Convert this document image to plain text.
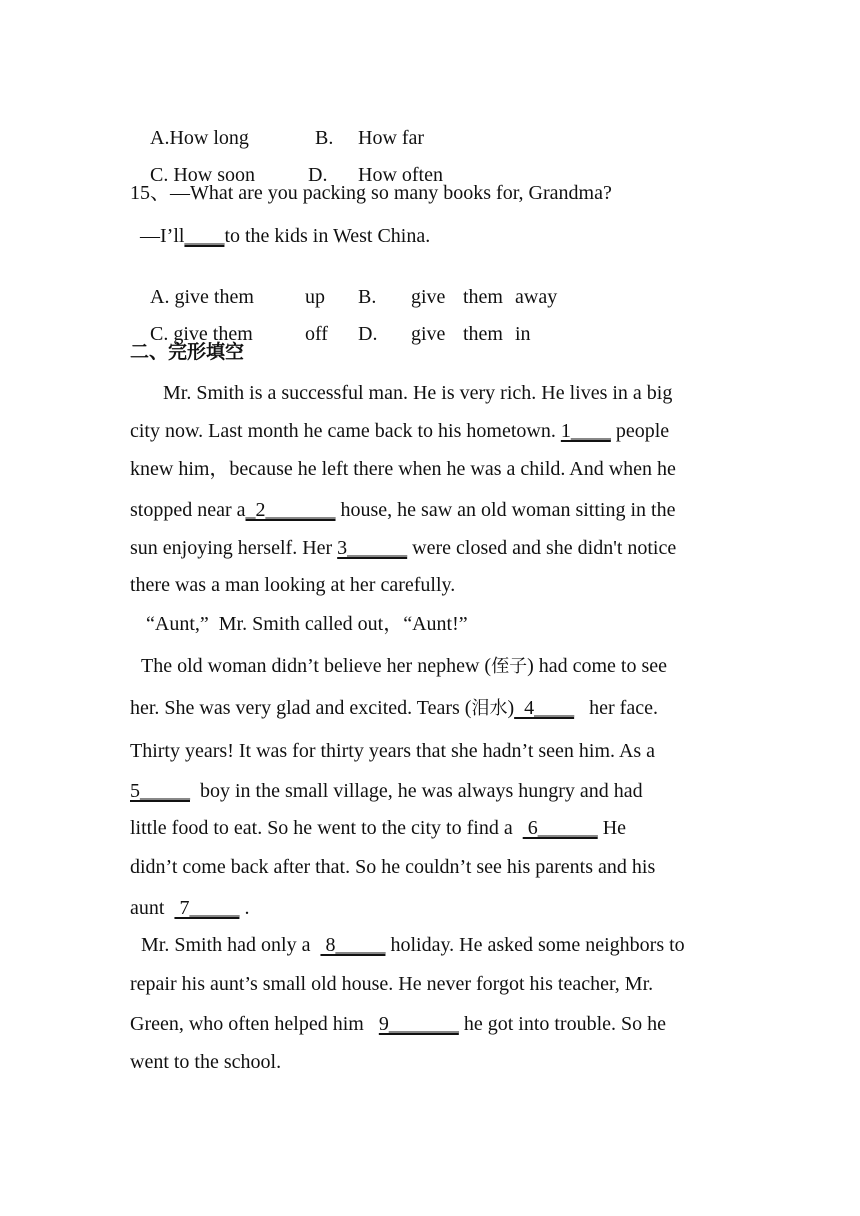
A.How long	B. How far

C. How soon	D. How often

15、—What are you packing so many books for, Grandma?
—I’ll____to the kids in West China.

A. give them	up B. give them away

C. give them	off D. give them in

二、完形填空
Mr. Smith is a successful man. He is very rich. He lives in a big
city now. Last month he came back to his hometown. 1____ people
knew him，because he left there when he was a child. And when he
stopped near a_2_______ house, he saw an old woman sitting in the
sun enjoying herself. Her 3______ were closed and she didn't notice
there was a man looking at her carefully.
“Aunt,”  Mr. Smith called out，“Aunt!”
The old woman didn’t believe her nephew (侄子) had come to see
her. She was very glad and excited. Tears (泪水)  4____   her face.
Thirty years! It was for thirty years that she hadn’t seen him. As a
5_____  boy in the small village, he was always hungry and had
little food to eat. So he went to the city to find a   6______ He
didn’t come back after that. So he couldn’t see his parents and his
aunt   7_____ .
Mr. Smith had only a   8_____ holiday. He asked some neighbors to
repair his aunt’s small old house. He never forgot his teacher, Mr.
Green, who often helped him   9_______ he got into trouble. So he
went to the school.
